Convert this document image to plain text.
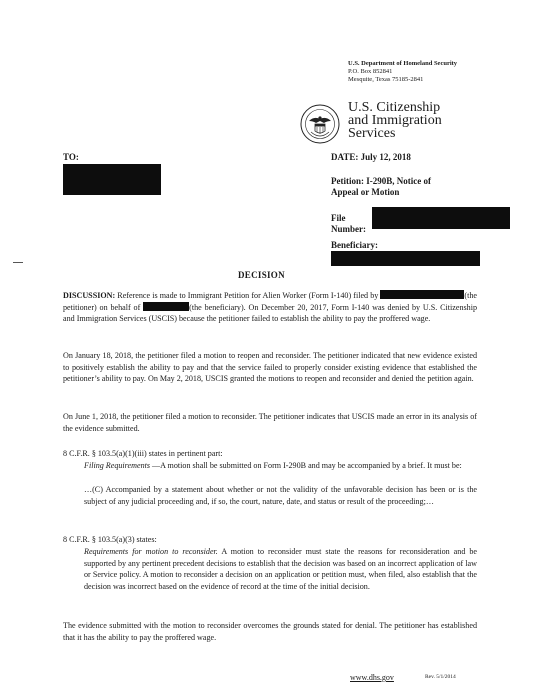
U.S. Department of Homeland Security
P.O. Box 852841
Mesquite, Texas 75185-2841
U.S. Citizenship
and Immigration
Services
TO:	DATE: July 12, 2018
Petition: I-290B, Notice of
Appeal or Motion
File
Number:
Beneficiary:
DECISION
DISCUSSION: Reference is made to Immigrant Petition for Alien Worker (Form I-140) filed by	(the petitioner) on behalf of	(the beneficiary). On December 20, 2017, Form I-140 was denied by U.S. Citizenship and Immigration Services (USCIS) because the petitioner failed to establish the ability to pay the proffered wage.
On January 18, 2018, the petitioner filed a motion to reopen and reconsider. The petitioner indicated that new evidence existed to positively establish the ability to pay and that the service failed to properly consider existing evidence that established the petitioner’s ability to pay. On May 2, 2018, USCIS granted the motions to reopen and reconsider and denied the petition again.
On June 1, 2018, the petitioner filed a motion to reconsider. The petitioner indicates that USCIS made an error in its analysis of the evidence submitted.
8 C.F.R. § 103.5(a)(1)(iii) states in pertinent part:
Filing Requirements —A motion shall be submitted on Form I-290B and may be accompanied by a brief. It must be:
…(C) Accompanied by a statement about whether or not the validity of the unfavorable decision has been or is the subject of any judicial proceeding and, if so, the court, nature, date, and status or result of the proceeding;…
8 C.F.R. § 103.5(a)(3) states:
Requirements for motion to reconsider. A motion to reconsider must state the reasons for reconsideration and be supported by any pertinent precedent decisions to establish that the decision was based on an incorrect application of law or Service policy. A motion to reconsider a decision on an application or petition must, when filed, also establish that the decision was incorrect based on the evidence of record at the time of the initial decision.
The evidence submitted with the motion to reconsider overcomes the grounds stated for denial. The petitioner has established that it has the ability to pay the proffered wage.
www.dhs.gov	Rev. 5/1/2014
